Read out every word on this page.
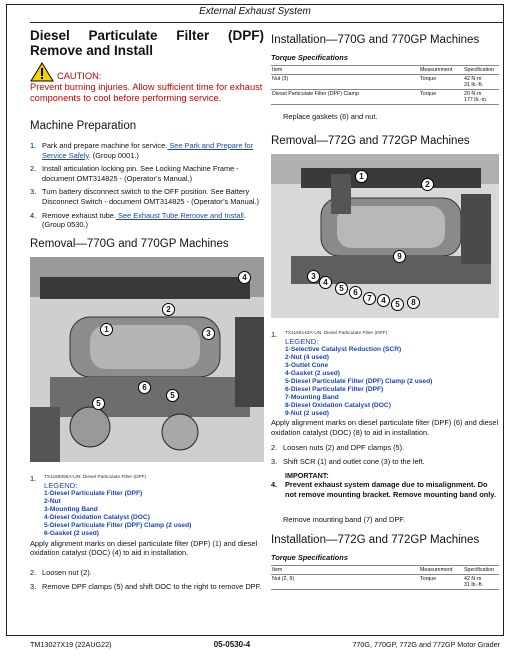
External Exhaust System
Diesel Particulate Filter (DPF) Remove and Install
CAUTION:
Prevent burning injuries. Allow sufficient time for exhaust components to cool before performing service.
Machine Preparation
1. Park and prepare machine for service. See Park and Prepare for Service Safely. (Group 0001.)
2. Install articulation locking pin. See Locking Machine Frame - document OMT314825 - (Operator’s Manual.)
3. Turn battery disconnect switch to the OFF position. See Battery Disconnect Switch - document OMT314825 - (Operator’s Manual.)
4. Remove exhaust tube. See Exhaust Tube Remove and Install. (Group 0530.)
Removal—770G and 770GP Machines
4
2
3
1
6
5
5
1.	TX1158056A-UN: Diesel Particulate Filter (DPF)
LEGEND:
1-Diesel Particulate Filter (DPF)
2-Nut
3-Mounting Band
4-Diesel Oxidation Catalyst (DOC)
5-Diesel Particulate Filter (DPF) Clamp (2 used)
6-Gasket (2 used)
Apply alignment marks on diesel particulate filter (DPF) (1) and diesel oxidation catalyst (DOC) (4) to aid in installation.
2. Loosen nut (2).
3. Remove DPF clamps (5) and shift DOC to the right to remove DPF.
Installation—770G and 770GP Machines
Torque Specifications
Item	Measurement	Specification
Nut (3)	Torque	42 N·m
31 lb.-ft.

Diesel Particulate Filter (DPF) Clamp	Torque	20 N·m
177 lb.-in.
Replace gaskets (6) and nut.
Removal—772G and 772GP Machines
1
2
9
3
4
5	6
7	4	5	8
1.	TX1159143A-UN: Diesel Particulate Filter (DPF)
LEGEND:
1-Selective Catalyst Reduction (SCR)
2-Nut (4 used)
3-Outlet Cone
4-Gasket (2 used)
5-Diesel Particulate Filter (DPF) Clamp (2 used)
6-Diesel Particulate Filter (DPF)
7-Mounting Band
8-Diesel Oxidation Catalyst (DOC)
9-Nut (2 used)
Apply alignment marks on diesel particulate filter (DPF) (6) and diesel oxidation catalyst (DOC) (8) to aid in installation.
2. Loosen nuts (2) and DPF clamps (5).
3. Shift SCR (1) and outlet cone (3) to the left.
IMPORTANT:
4.	Prevent exhaust system damage due to misalignment. Do not remove mounting bracket. Remove mounting band only.
Remove mounting band (7) and DPF.
Installation—772G and 772GP Machines
Torque Specifications
Item	Measurement	Specification
Nut (2, 9)	Torque	42 N·m
31 lb.-ft.
TM13027X19 (22AUG22)	05-0530-4	770G, 770GP, 772G and 772GP Motor Grader
